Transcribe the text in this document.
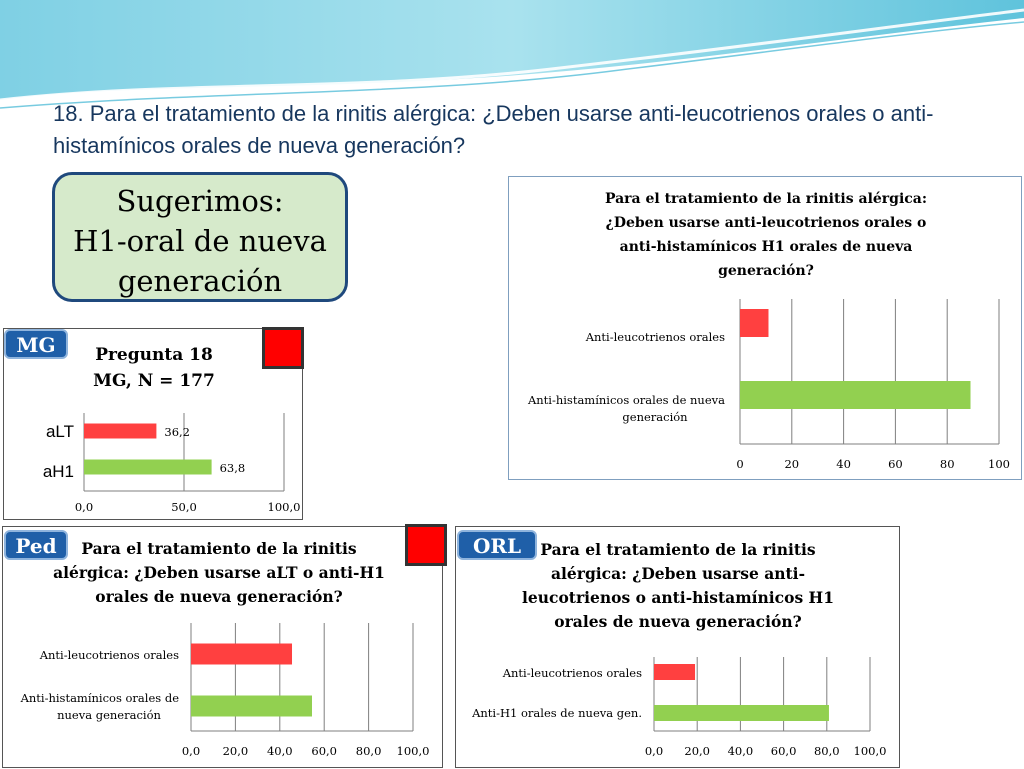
18. Para el tratamiento de la rinitis alérgica: ¿Deben usarse anti-leucotrienos orales o anti-histamínicos orales de nueva generación?
Sugerimos:
H1-oral de nueva
generación
Para el tratamiento de la rinitis alérgica:
¿Deben usarse anti-leucotrienos orales o
anti-histamínicos H1 orales de nueva
generación?
0	20	40	60	80	100
Anti-leucotrienos orales
Anti-histamínicos orales de nueva
generación
Pregunta 18
MG, N = 177
0,0	50,0	100,0
aLT	36,2
aH1	63,8
MG
Para el tratamiento de la rinitis
alérgica: ¿Deben usarse aLT o anti-H1
orales de nueva generación?
0,0 20,0 40,0 60,0 80,0 100,0
Anti-leucotrienos orales
Anti-histamínicos orales de
nueva generación
Ped	Para el tratamiento de la rinitis
alérgica: ¿Deben usarse anti-
leucotrienos o anti-histamínicos H1
orales de nueva generación?
0,0 20,0 40,0 60,0 80,0 100,0
Anti-leucotrienos orales
Anti-H1 orales de nueva gen.
ORL
